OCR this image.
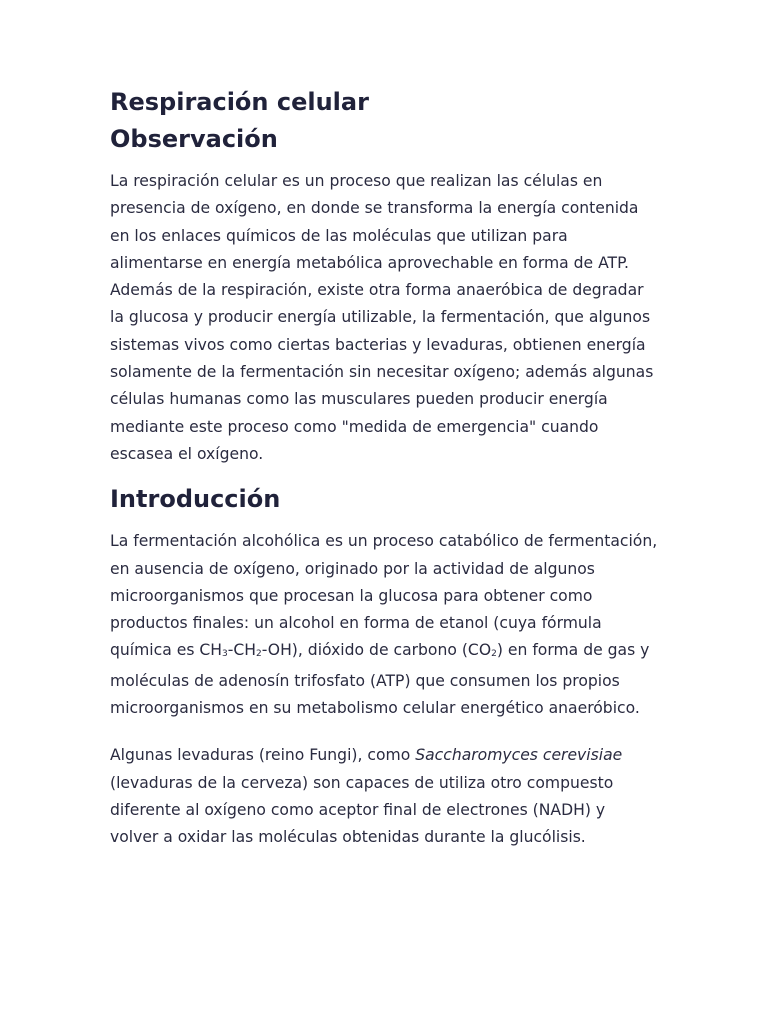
Respiración celular
Observación

La respiración celular es un proceso que realizan las células en presencia de oxígeno, en donde se transforma la energía contenida en los enlaces químicos de las moléculas que utilizan para alimentarse en energía metabólica aprovechable en forma de ATP. Además de la respiración, existe otra forma anaeróbica de degradar la glucosa y producir energía utilizable, la fermentación, que algunos sistemas vivos como ciertas bacterias y levaduras, obtienen energía solamente de la fermentación sin necesitar oxígeno; además algunas células humanas como las musculares pueden producir energía mediante este proceso como "medida de emergencia" cuando escasea el oxígeno.

Introducción

La fermentación alcohólica es un proceso catabólico de fermentación, en ausencia de oxígeno, originado por la actividad de algunos microorganismos que procesan la glucosa para obtener como productos finales: un alcohol en forma de etanol (cuya fórmula química es $CH_3-CH_2-OH$), dióxido de carbono $(CO_2)$ en forma de gas y moléculas de adenosín trifosfato (ATP) que consumen los propios microorganismos en su metabolismo celular energético anaeróbico.

Algunas levaduras (reino Fungi), como Saccharomyces cerevisiae (levaduras de la cerveza) son capaces de utiliza otro compuesto diferente al oxígeno como aceptor final de electrones (NADH) y volver a oxidar las moléculas obtenidas durante la glucólisis.
